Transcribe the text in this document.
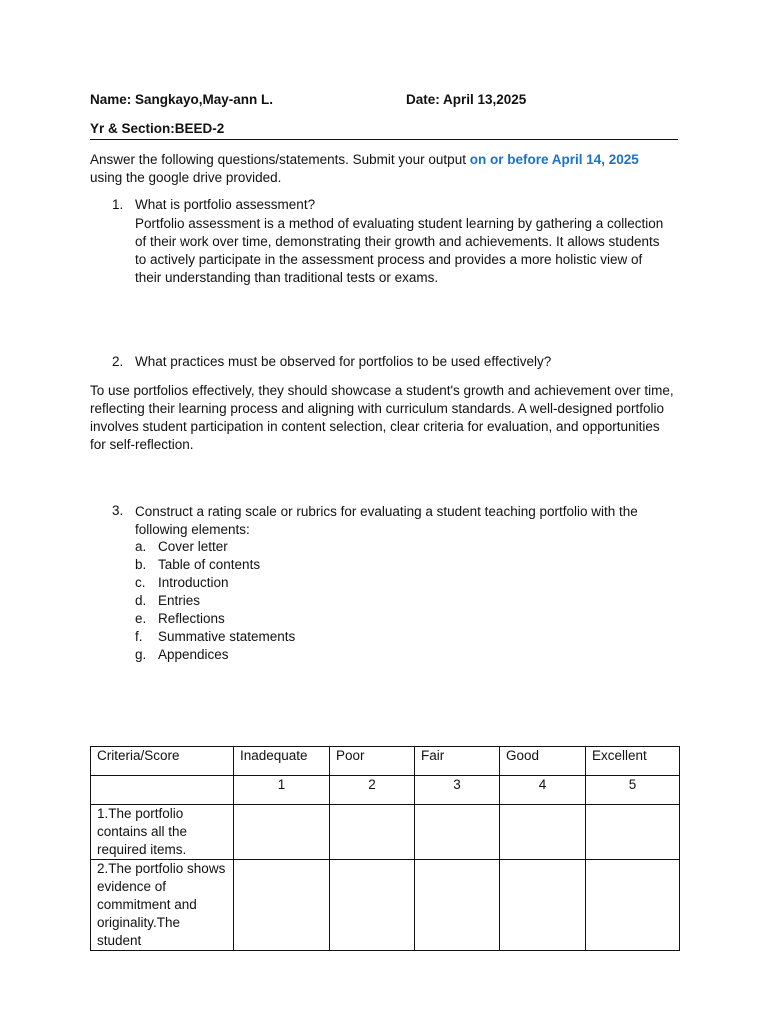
Name: Sangkayo,May-ann L.	Date: April 13,2025
Yr & Section:BEED-2
Answer the following questions/statements. Submit your output on or before April 14, 2025 using the google drive provided.
1. What is portfolio assessment?
Portfolio assessment is a method of evaluating student learning by gathering a collection of their work over time, demonstrating their growth and achievements. It allows students to actively participate in the assessment process and provides a more holistic view of their understanding than traditional tests or exams.
2. What practices must be observed for portfolios to be used effectively?
To use portfolios effectively, they should showcase a student's growth and achievement over time, reflecting their learning process and aligning with curriculum standards. A well-designed portfolio involves student participation in content selection, clear criteria for evaluation, and opportunities for self-reflection.
3. Construct a rating scale or rubrics for evaluating a student teaching portfolio with the following elements:
a. Cover letter
b. Table of contents
c. Introduction
d. Entries
e. Reflections
f. Summative statements
g. Appendices
Criteria/Score	Inadequate	Poor	Fair	Good	Excellent
	1	2	3	4	5
1.The portfolio contains all the required items.					
2.The portfolio shows evidence of commitment and originality.The student					
